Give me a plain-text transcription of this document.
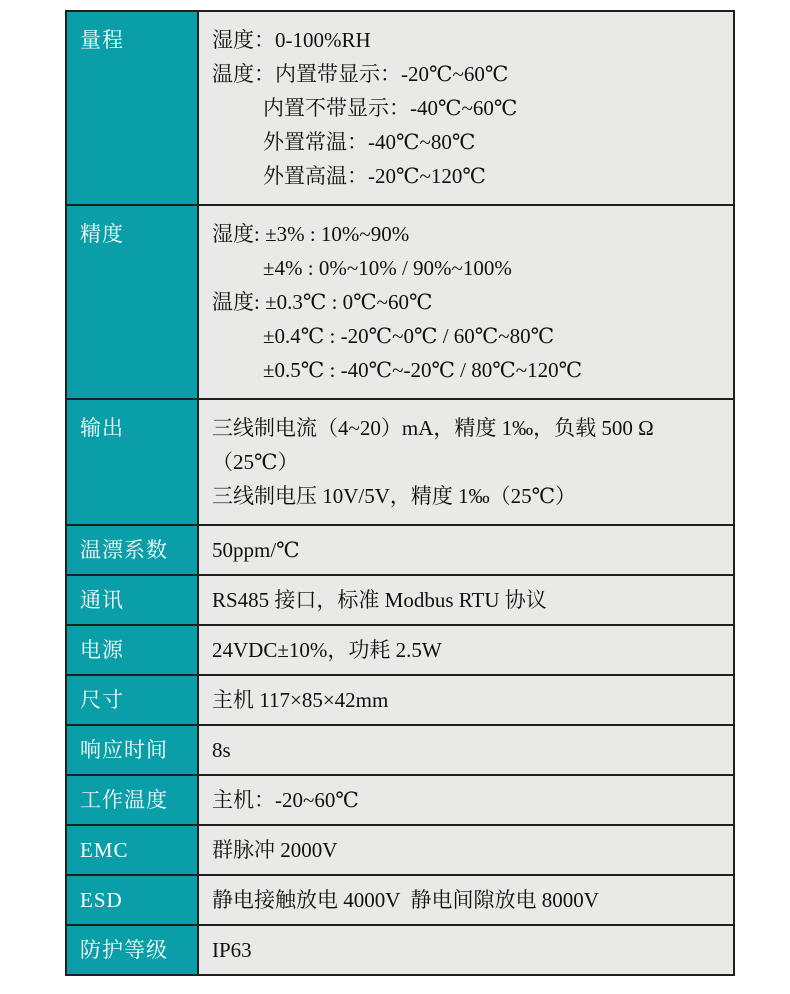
量程	湿度：0-100%RH
温度：内置带显示：-20℃~60℃
内置不带显示：-40℃~60℃
外置常温：-40℃~80℃
外置高温：-20℃~120℃

精度	湿度: ±3% : 10%~90%
±4% : 0%~10% / 90%~100%
温度: ±0.3℃ : 0℃~60℃
±0.4℃ : -20℃~0℃ / 60℃~80℃
±0.5℃ : -40℃~-20℃ / 80℃~120℃

输出	三线制电流（4~20）mA，精度 1‰，负载 500 Ω
（25℃）
三线制电压 10V/5V，精度 1‰（25℃）

温漂系数	50ppm/℃

通讯	RS485 接口，标准 Modbus RTU 协议

电源	24VDC±10%，功耗 2.5W

尺寸	主机 117×85×42mm

响应时间	8s

工作温度	主机：-20~60℃

EMC	群脉冲 2000V

ESD	静电接触放电 4000V  静电间隙放电 8000V

防护等级	IP63
